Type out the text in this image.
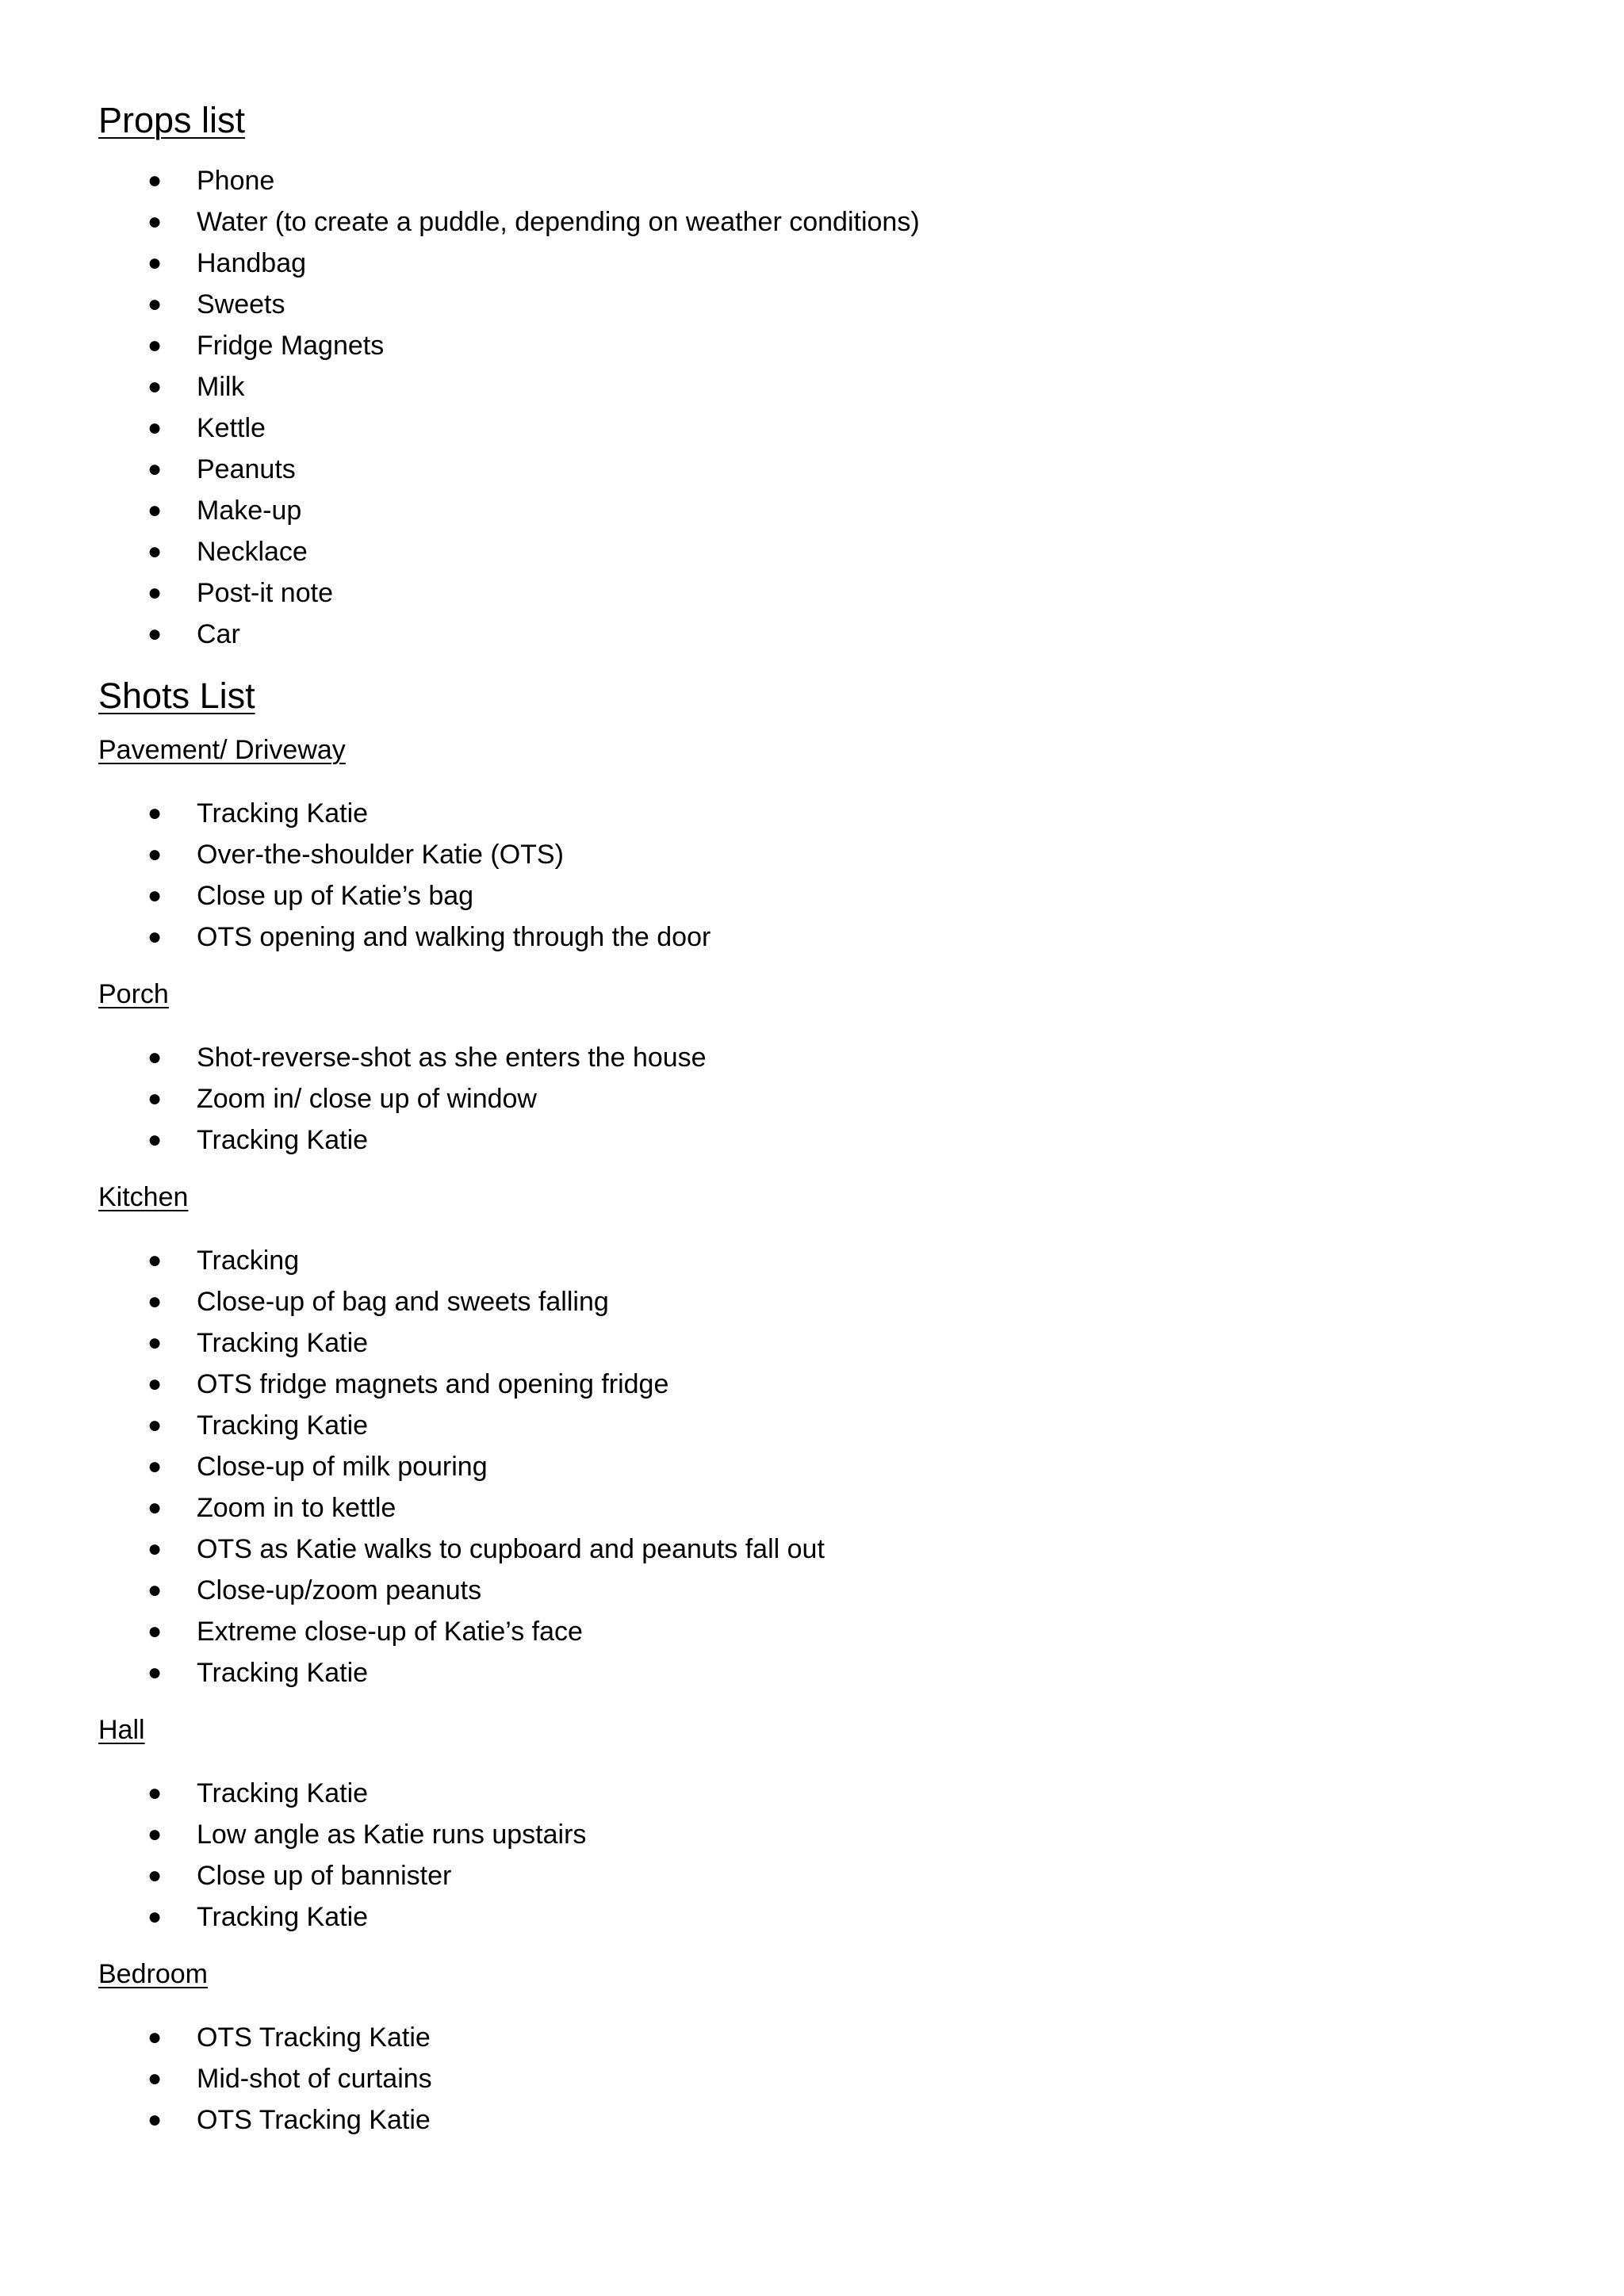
Props list
● Phone
● Water (to create a puddle, depending on weather conditions)
● Handbag
● Sweets
● Fridge Magnets
● Milk
● Kettle
● Peanuts
● Make-up
● Necklace
● Post-it note
● Car
Shots List
Pavement/ Driveway
● Tracking Katie
● Over-the-shoulder Katie (OTS)
● Close up of Katie’s bag
● OTS opening and walking through the door
Porch
● Shot-reverse-shot as she enters the house
● Zoom in/ close up of window
● Tracking Katie
Kitchen
● Tracking
● Close-up of bag and sweets falling
● Tracking Katie
● OTS fridge magnets and opening fridge
● Tracking Katie
● Close-up of milk pouring
● Zoom in to kettle
● OTS as Katie walks to cupboard and peanuts fall out
● Close-up/zoom peanuts
● Extreme close-up of Katie’s face
● Tracking Katie
Hall
● Tracking Katie
● Low angle as Katie runs upstairs
● Close up of bannister
● Tracking Katie
Bedroom
● OTS Tracking Katie
● Mid-shot of curtains
● OTS Tracking Katie
